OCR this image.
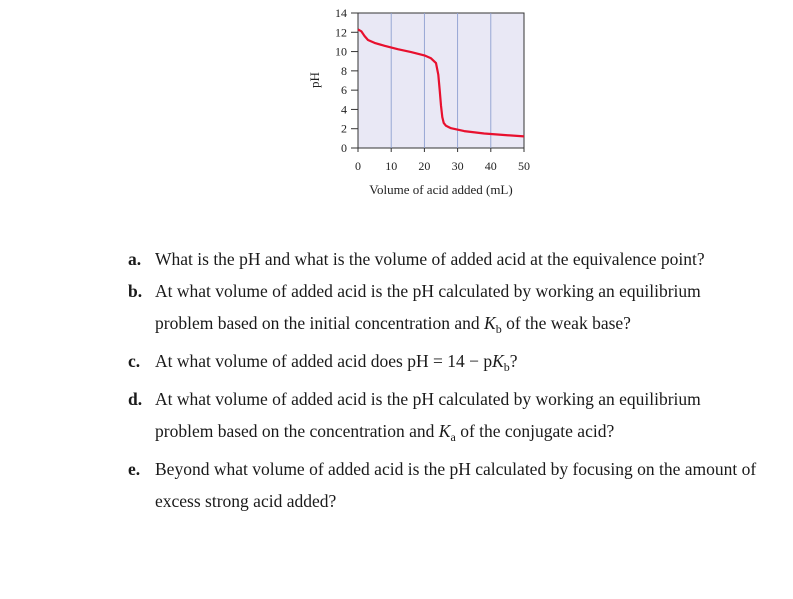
0
2
4
6
8
10
12
14
0 10 20 30 40 50
pH
Volume of acid added (mL)
a. What is the pH and what is the volume of added acid at the equivalence point?
b. At what volume of added acid is the pH calculated by working an equilibrium problem based on the initial concentration and $K_b$ of the weak base?
c. At what volume of added acid does pH = $14 - pK_b$?
d. At what volume of added acid is the pH calculated by working an equilibrium problem based on the concentration and $K_a$ of the conjugate acid?
e. Beyond what volume of added acid is the pH calculated by focusing on the amount of excess strong acid added?
